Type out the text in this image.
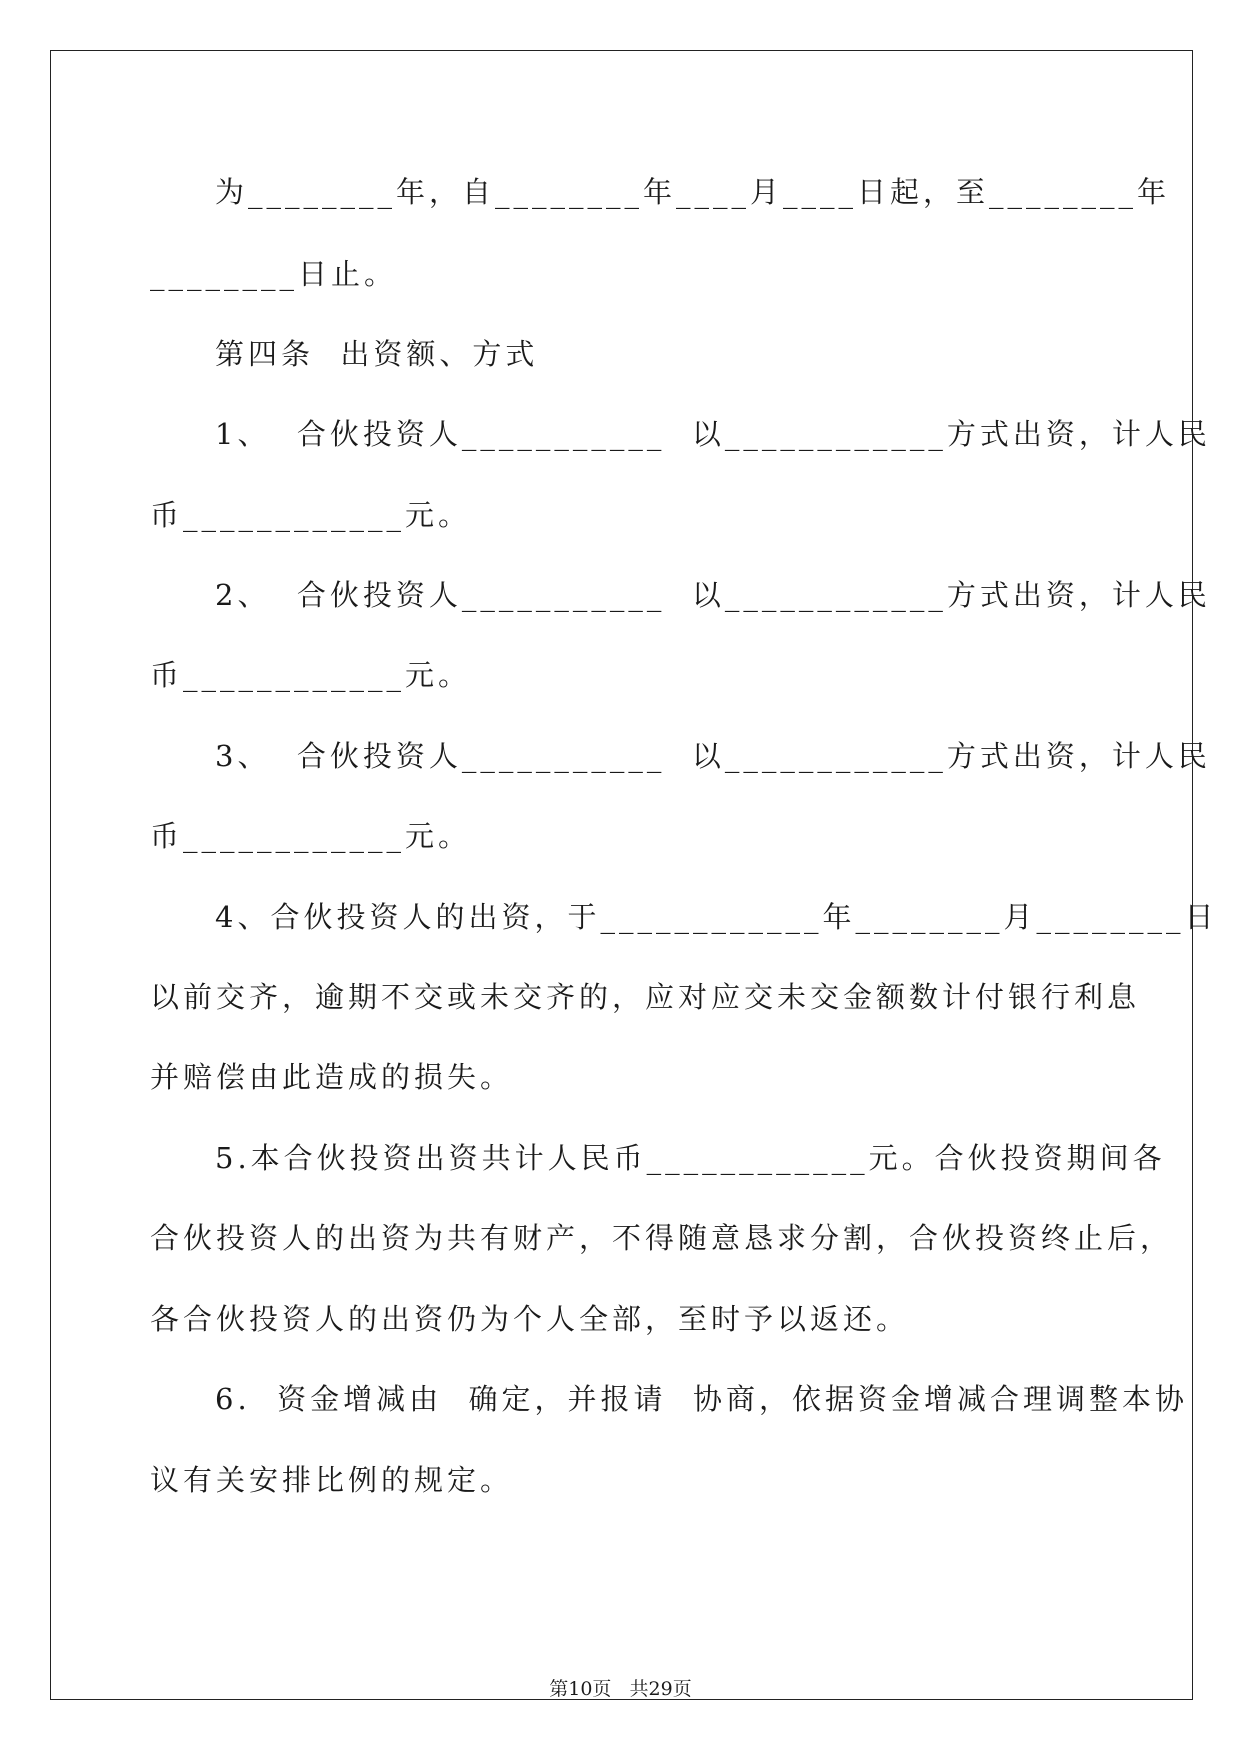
为________年，自________年____月____日起，至________年
________日止。
第四条  出资额、方式
1、  合伙投资人___________  以____________方式出资，计人民
币____________元。
2、  合伙投资人___________  以____________方式出资，计人民
币____________元。
3、  合伙投资人___________  以____________方式出资，计人民
币____________元。
4、合伙投资人的出资，于____________年________月________日
以前交齐，逾期不交或未交齐的，应对应交未交金额数计付银行利息
并赔偿由此造成的损失。
5.本合伙投资出资共计人民币____________元。合伙投资期间各
合伙投资人的出资为共有财产，不得随意恳求分割，合伙投资终止后，
各合伙投资人的出资仍为个人全部，至时予以返还。
6.  资金增减由  确定，并报请  协商，依据资金增减合理调整本协
议有关安排比例的规定。
第10页   共29页
